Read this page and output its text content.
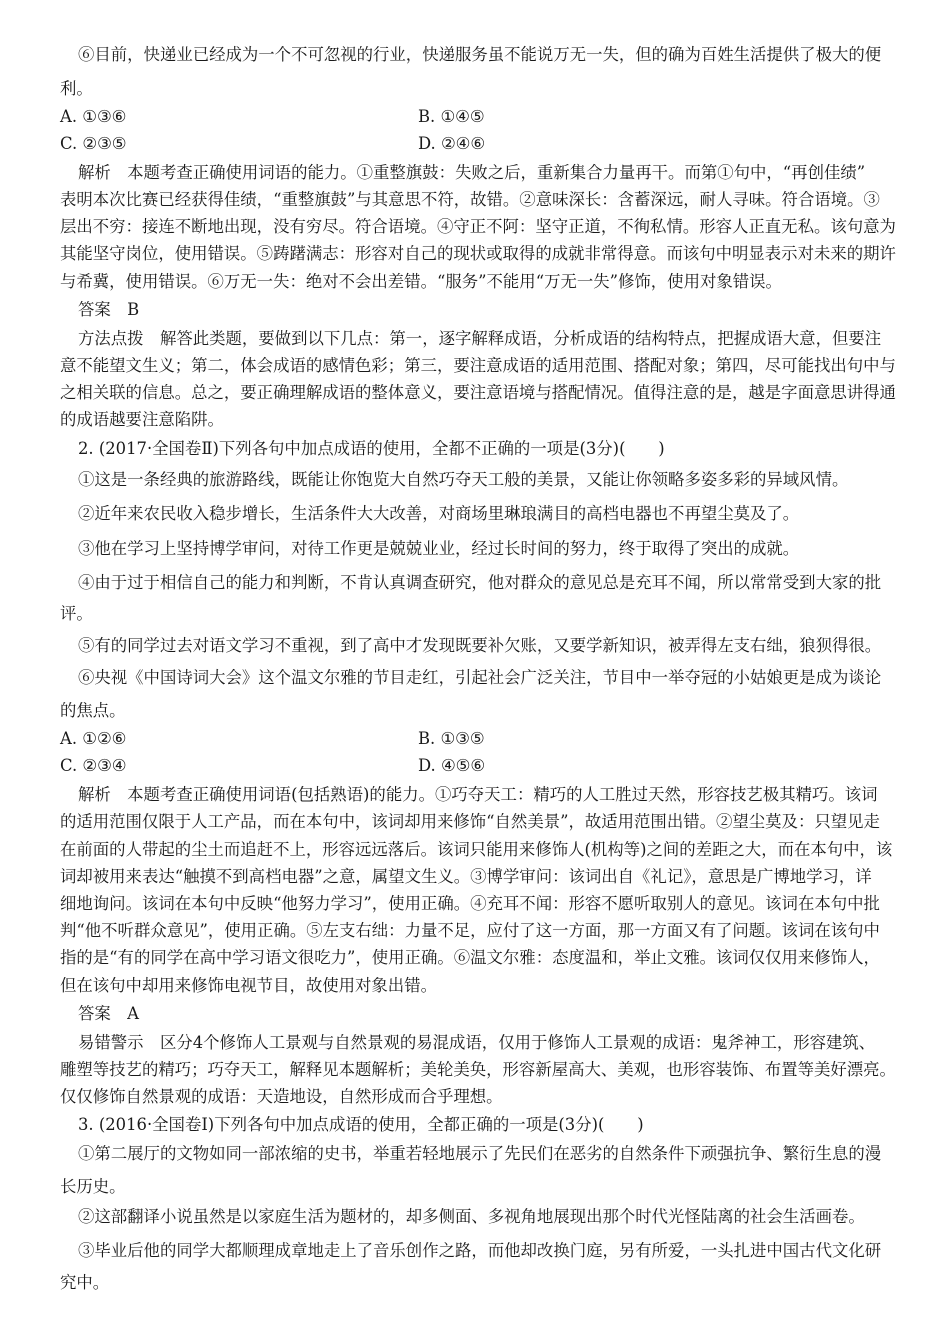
⑥目前，快递业已经成为一个不可忽视的行业，快递服务虽不能说万无一失，但的确为百姓生活提供了极大的便
利。
A. ①③⑥	B. ①④⑤
C. ②③⑤	D. ②④⑥
解析　本题考查正确使用词语的能力。①重整旗鼓：失败之后，重新集合力量再干。而第①句中，“再创佳绩”
表明本次比赛已经获得佳绩，“重整旗鼓”与其意思不符，故错。②意味深长：含蓄深远，耐人寻味。符合语境。③
层出不穷：接连不断地出现，没有穷尽。符合语境。④守正不阿：坚守正道，不徇私情。形容人正直无私。该句意为
其能坚守岗位，使用错误。⑤踌躇满志：形容对自己的现状或取得的成就非常得意。而该句中明显表示对未来的期许
与希冀，使用错误。⑥万无一失：绝对不会出差错。“服务”不能用“万无一失”修饰，使用对象错误。
答案　B
方法点拨　解答此类题，要做到以下几点：第一，逐字解释成语，分析成语的结构特点，把握成语大意，但要注
意不能望文生义；第二，体会成语的感情色彩；第三，要注意成语的适用范围、搭配对象；第四，尽可能找出句中与
之相关联的信息。总之，要正确理解成语的整体意义，要注意语境与搭配情况。值得注意的是，越是字面意思讲得通
的成语越要注意陷阱。
2. (2017·全国卷Ⅱ)下列各句中加点成语的使用，全都不正确的一项是(3分)(　　)
①这是一条经典的旅游路线，既能让你饱览大自然巧夺天工般的美景，又能让你领略多姿多彩的异域风情。
②近年来农民收入稳步增长，生活条件大大改善，对商场里琳琅满目的高档电器也不再望尘莫及了。
③他在学习上坚持博学审问，对待工作更是兢兢业业，经过长时间的努力，终于取得了突出的成就。
④由于过于相信自己的能力和判断，不肯认真调查研究，他对群众的意见总是充耳不闻，所以常常受到大家的批
评。
⑤有的同学过去对语文学习不重视，到了高中才发现既要补欠账，又要学新知识，被弄得左支右绌，狼狈得很。
⑥央视《中国诗词大会》这个温文尔雅的节目走红，引起社会广泛关注，节目中一举夺冠的小姑娘更是成为谈论
的焦点。
A. ①②⑥	B. ①③⑤
C. ②③④	D. ④⑤⑥
解析　本题考查正确使用词语(包括熟语)的能力。①巧夺天工：精巧的人工胜过天然，形容技艺极其精巧。该词
的适用范围仅限于人工产品，而在本句中，该词却用来修饰“自然美景”，故适用范围出错。②望尘莫及：只望见走
在前面的人带起的尘土而追赶不上，形容远远落后。该词只能用来修饰人(机构等)之间的差距之大，而在本句中，该
词却被用来表达“触摸不到高档电器”之意，属望文生义。③博学审问：该词出自《礼记》，意思是广博地学习，详
细地询问。该词在本句中反映“他努力学习”，使用正确。④充耳不闻：形容不愿听取别人的意见。该词在本句中批
判“他不听群众意见”，使用正确。⑤左支右绌：力量不足，应付了这一方面，那一方面又有了问题。该词在该句中
指的是“有的同学在高中学习语文很吃力”，使用正确。⑥温文尔雅：态度温和，举止文雅。该词仅仅用来修饰人，
但在该句中却用来修饰电视节目，故使用对象出错。
答案　A
易错警示　区分4个修饰人工景观与自然景观的易混成语，仅用于修饰人工景观的成语：鬼斧神工，形容建筑、
雕塑等技艺的精巧；巧夺天工，解释见本题解析；美轮美奂，形容新屋高大、美观，也形容装饰、布置等美好漂亮。
仅仅修饰自然景观的成语：天造地设，自然形成而合乎理想。
3. (2016·全国卷Ⅰ)下列各句中加点成语的使用，全都正确的一项是(3分)(　　)
①第二展厅的文物如同一部浓缩的史书，举重若轻地展示了先民们在恶劣的自然条件下顽强抗争、繁衍生息的漫
长历史。
②这部翻译小说虽然是以家庭生活为题材的，却多侧面、多视角地展现出那个时代光怪陆离的社会生活画卷。
③毕业后他的同学大都顺理成章地走上了音乐创作之路，而他却改换门庭，另有所爱，一头扎进中国古代文化研
究中。
